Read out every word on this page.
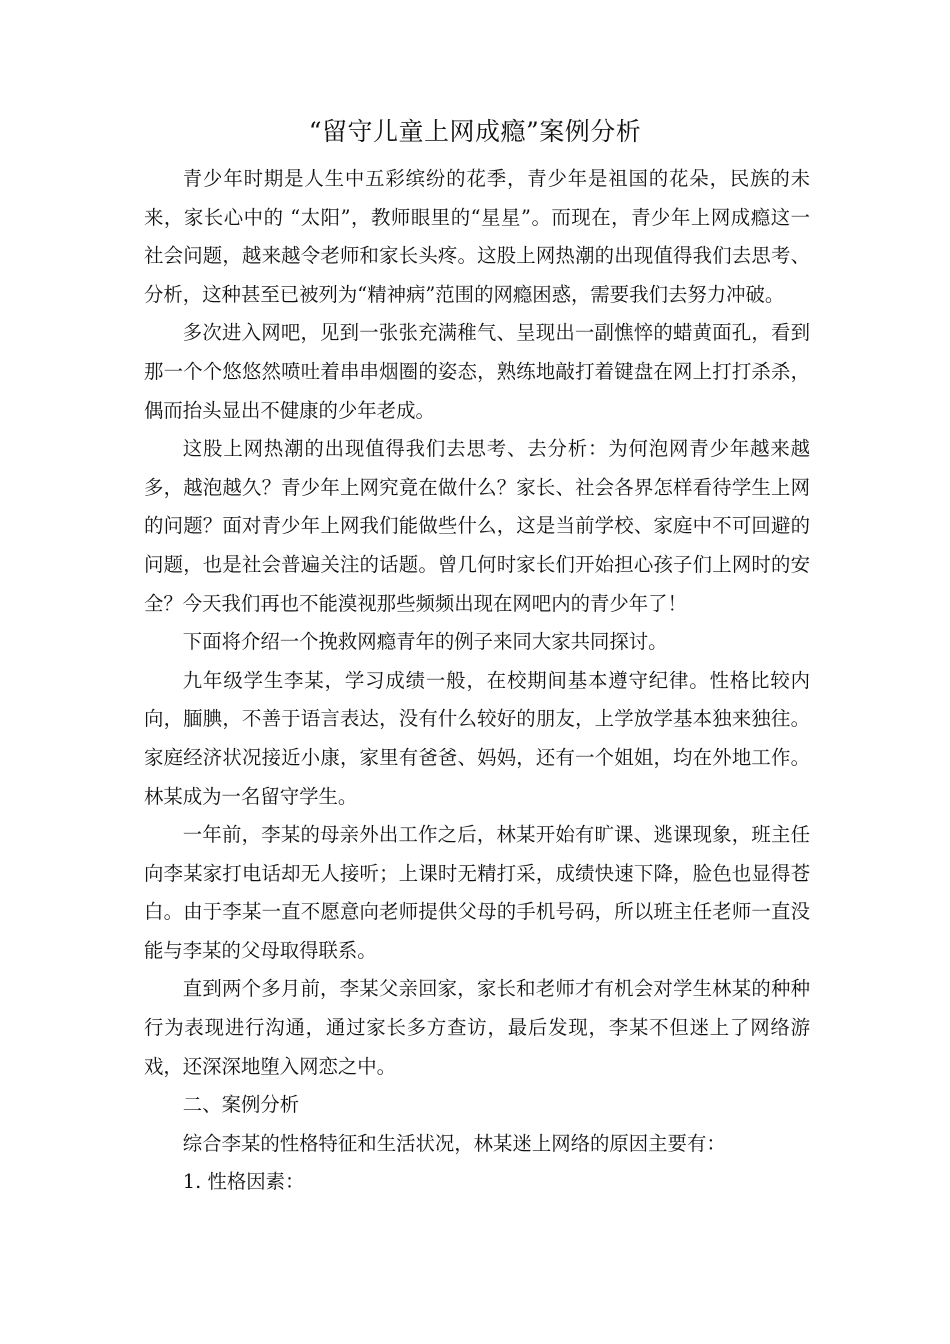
“留守儿童上网成瘾”案例分析

青少年时期是人生中五彩缤纷的花季，青少年是祖国的花朵，民族的未来，家长心中的 “太阳”，教师眼里的“星星”。而现在，青少年上网成瘾这一社会问题，越来越令老师和家长头疼。这股上网热潮的出现值得我们去思考、分析，这种甚至已被列为“精神病”范围的网瘾困惑，需要我们去努力冲破。

多次进入网吧，见到一张张充满稚气、呈现出一副憔悴的蜡黄面孔，看到那一个个悠悠然喷吐着串串烟圈的姿态，熟练地敲打着键盘在网上打打杀杀，偶而抬头显出不健康的少年老成。

这股上网热潮的出现值得我们去思考、去分析：为何泡网青少年越来越多，越泡越久？青少年上网究竟在做什么？家长、社会各界怎样看待学生上网的问题？面对青少年上网我们能做些什么，这是当前学校、家庭中不可回避的问题，也是社会普遍关注的话题。曾几何时家长们开始担心孩子们上网时的安全？今天我们再也不能漠视那些频频出现在网吧内的青少年了！

下面将介绍一个挽救网瘾青年的例子来同大家共同探讨。

九年级学生李某，学习成绩一般，在校期间基本遵守纪律。性格比较内向，腼腆，不善于语言表达，没有什么较好的朋友，上学放学基本独来独往。家庭经济状况接近小康，家里有爸爸、妈妈，还有一个姐姐，均在外地工作。林某成为一名留守学生。

一年前，李某的母亲外出工作之后，林某开始有旷课、逃课现象，班主任向李某家打电话却无人接听；上课时无精打采，成绩快速下降，脸色也显得苍白。由于李某一直不愿意向老师提供父母的手机号码，所以班主任老师一直没能与李某的父母取得联系。

直到两个多月前，李某父亲回家，家长和老师才有机会对学生林某的种种行为表现进行沟通，通过家长多方查访，最后发现，李某不但迷上了网络游戏，还深深地堕入网恋之中。

二、案例分析

综合李某的性格特征和生活状况，林某迷上网络的原因主要有：

1. 性格因素：
